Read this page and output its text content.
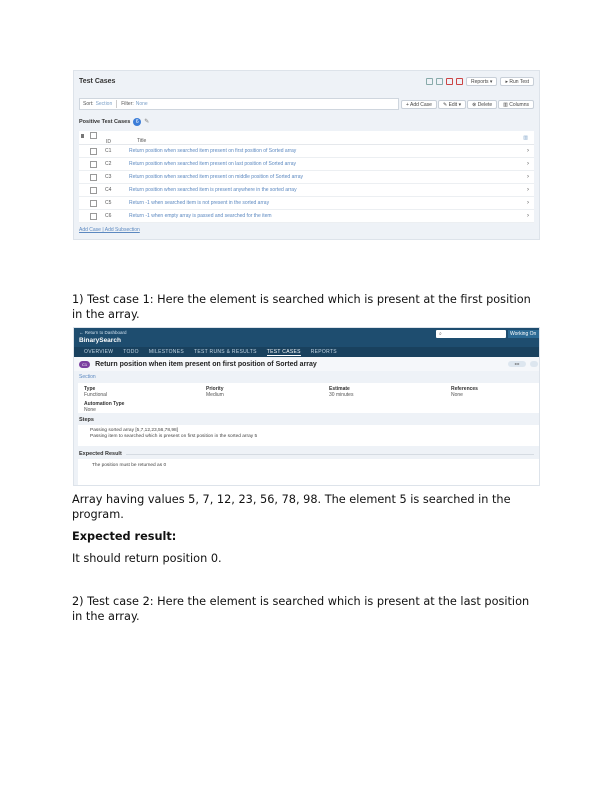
Test Cases	Reports ▾	▸ Run Test
Sort: Section Filter: None	+ Add Case	✎ Edit ▾	⊗ Delete	▥ Columns
Positive Test Cases	6 ✎
ID	Title	▥
C1	Return position when searched item present on first position of Sorted array	›
C2	Return position when searched item present on last position of Sorted array	›
C3	Return position when searched item present on middle position of Sorted array	›
C4	Return position when searched item is present anywhere in the sorted array	›
C5	Return -1 when searched item is not present in the sorted array	›
C6	Return -1 when empty array is passed and searched for the item	›
Add Case | Add Subsection
1) Test case 1: Here the element is searched which is present at the first position in the array.
← Return to Dashboard
BinarySearch
⌕	Working On
OVERVIEW TODO MILESTONES TEST RUNS & RESULTS TEST CASES REPORTS
C1	Return position when item present on first position of Sorted array	◂ ▸
Section
Type
Functional
Priority
Medium
Estimate
30 minutes
References
None
Automation Type
None
Steps
Passing sorted array [5,7,12,23,56,78,98]
Passing item to searched which is present on first position in the sorted array 5
Expected Result
The position must be returned as 0
Array having values 5, 7, 12, 23, 56, 78, 98. The element 5 is searched in the program.
Expected result:
It should return position 0.
2) Test case 2: Here the element is searched which is present at the last position in the array.
